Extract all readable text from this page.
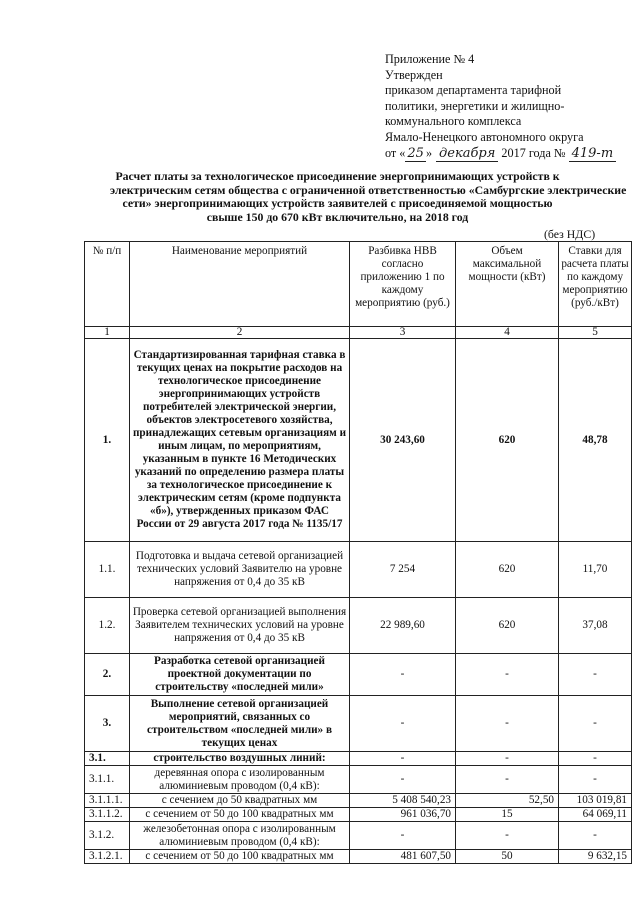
Приложение № 4
Утвержден
приказом департамента тарифной
политики, энергетики и жилищно-
коммунального комплекса
Ямало-Ненецкого автономного округа
от « 25 » декабря 2017 года № 419-т
Расчет платы за технологическое присоединение энергопринимающих устройств к
электрическим сетям общества с ограниченной ответственностью «Самбургские электрические
сети» энергопринимающих устройств заявителей с присоединяемой мощностью
свыше 150 до 670 кВт включительно, на 2018 год
(без НДС)
№ п/п	Наименование мероприятий	Разбивка НВВ согласно приложению 1 по каждому мероприятию (руб.)	Объем максимальной мощности (кВт)	Ставки для расчета платы по каждому мероприятию (руб./кВт)
1	2	3	4	5
1.	Стандартизированная тарифная ставка в текущих ценах на покрытие расходов на технологическое присоединение энергопринимающих устройств потребителей электрической энергии, объектов электросетевого хозяйства, принадлежащих сетевым организациям и иным лицам, по мероприятиям, указанным в пункте 16 Методических указаний по определению размера платы за технологическое присоединение к электрическим сетям (кроме подпункта «б»), утвержденных приказом ФАС России от 29 августа 2017 года № 1135/17	30 243,60	620	48,78
1.1.	Подготовка и выдача сетевой организацией технических условий Заявителю на уровне напряжения от 0,4 до 35 кВ	7 254	620	11,70
1.2.	Проверка сетевой организацией выполнения Заявителем технических условий на уровне напряжения от 0,4 до 35 кВ	22 989,60	620	37,08
2.	Разработка сетевой организацией проектной документации по строительству «последней мили»	-	-	-
3.	Выполнение сетевой организацией мероприятий, связанных со строительством «последней мили» в текущих ценах	-	-	-
3.1.	строительство воздушных линий:	-	-	-
3.1.1.	деревянная опора с изолированным алюминиевым проводом (0,4 кВ):	-	-	-
3.1.1.1.	с сечением до 50 квадратных мм	5 408 540,23	52,50	103 019,81
3.1.1.2.	с сечением от 50 до 100 квадратных мм	961 036,70	15	64 069,11
3.1.2.	железобетонная опора с изолированным алюминиевым проводом (0,4 кВ):	-	-	-
3.1.2.1.	с сечением от 50 до 100 квадратных мм	481 607,50	50	9 632,15
